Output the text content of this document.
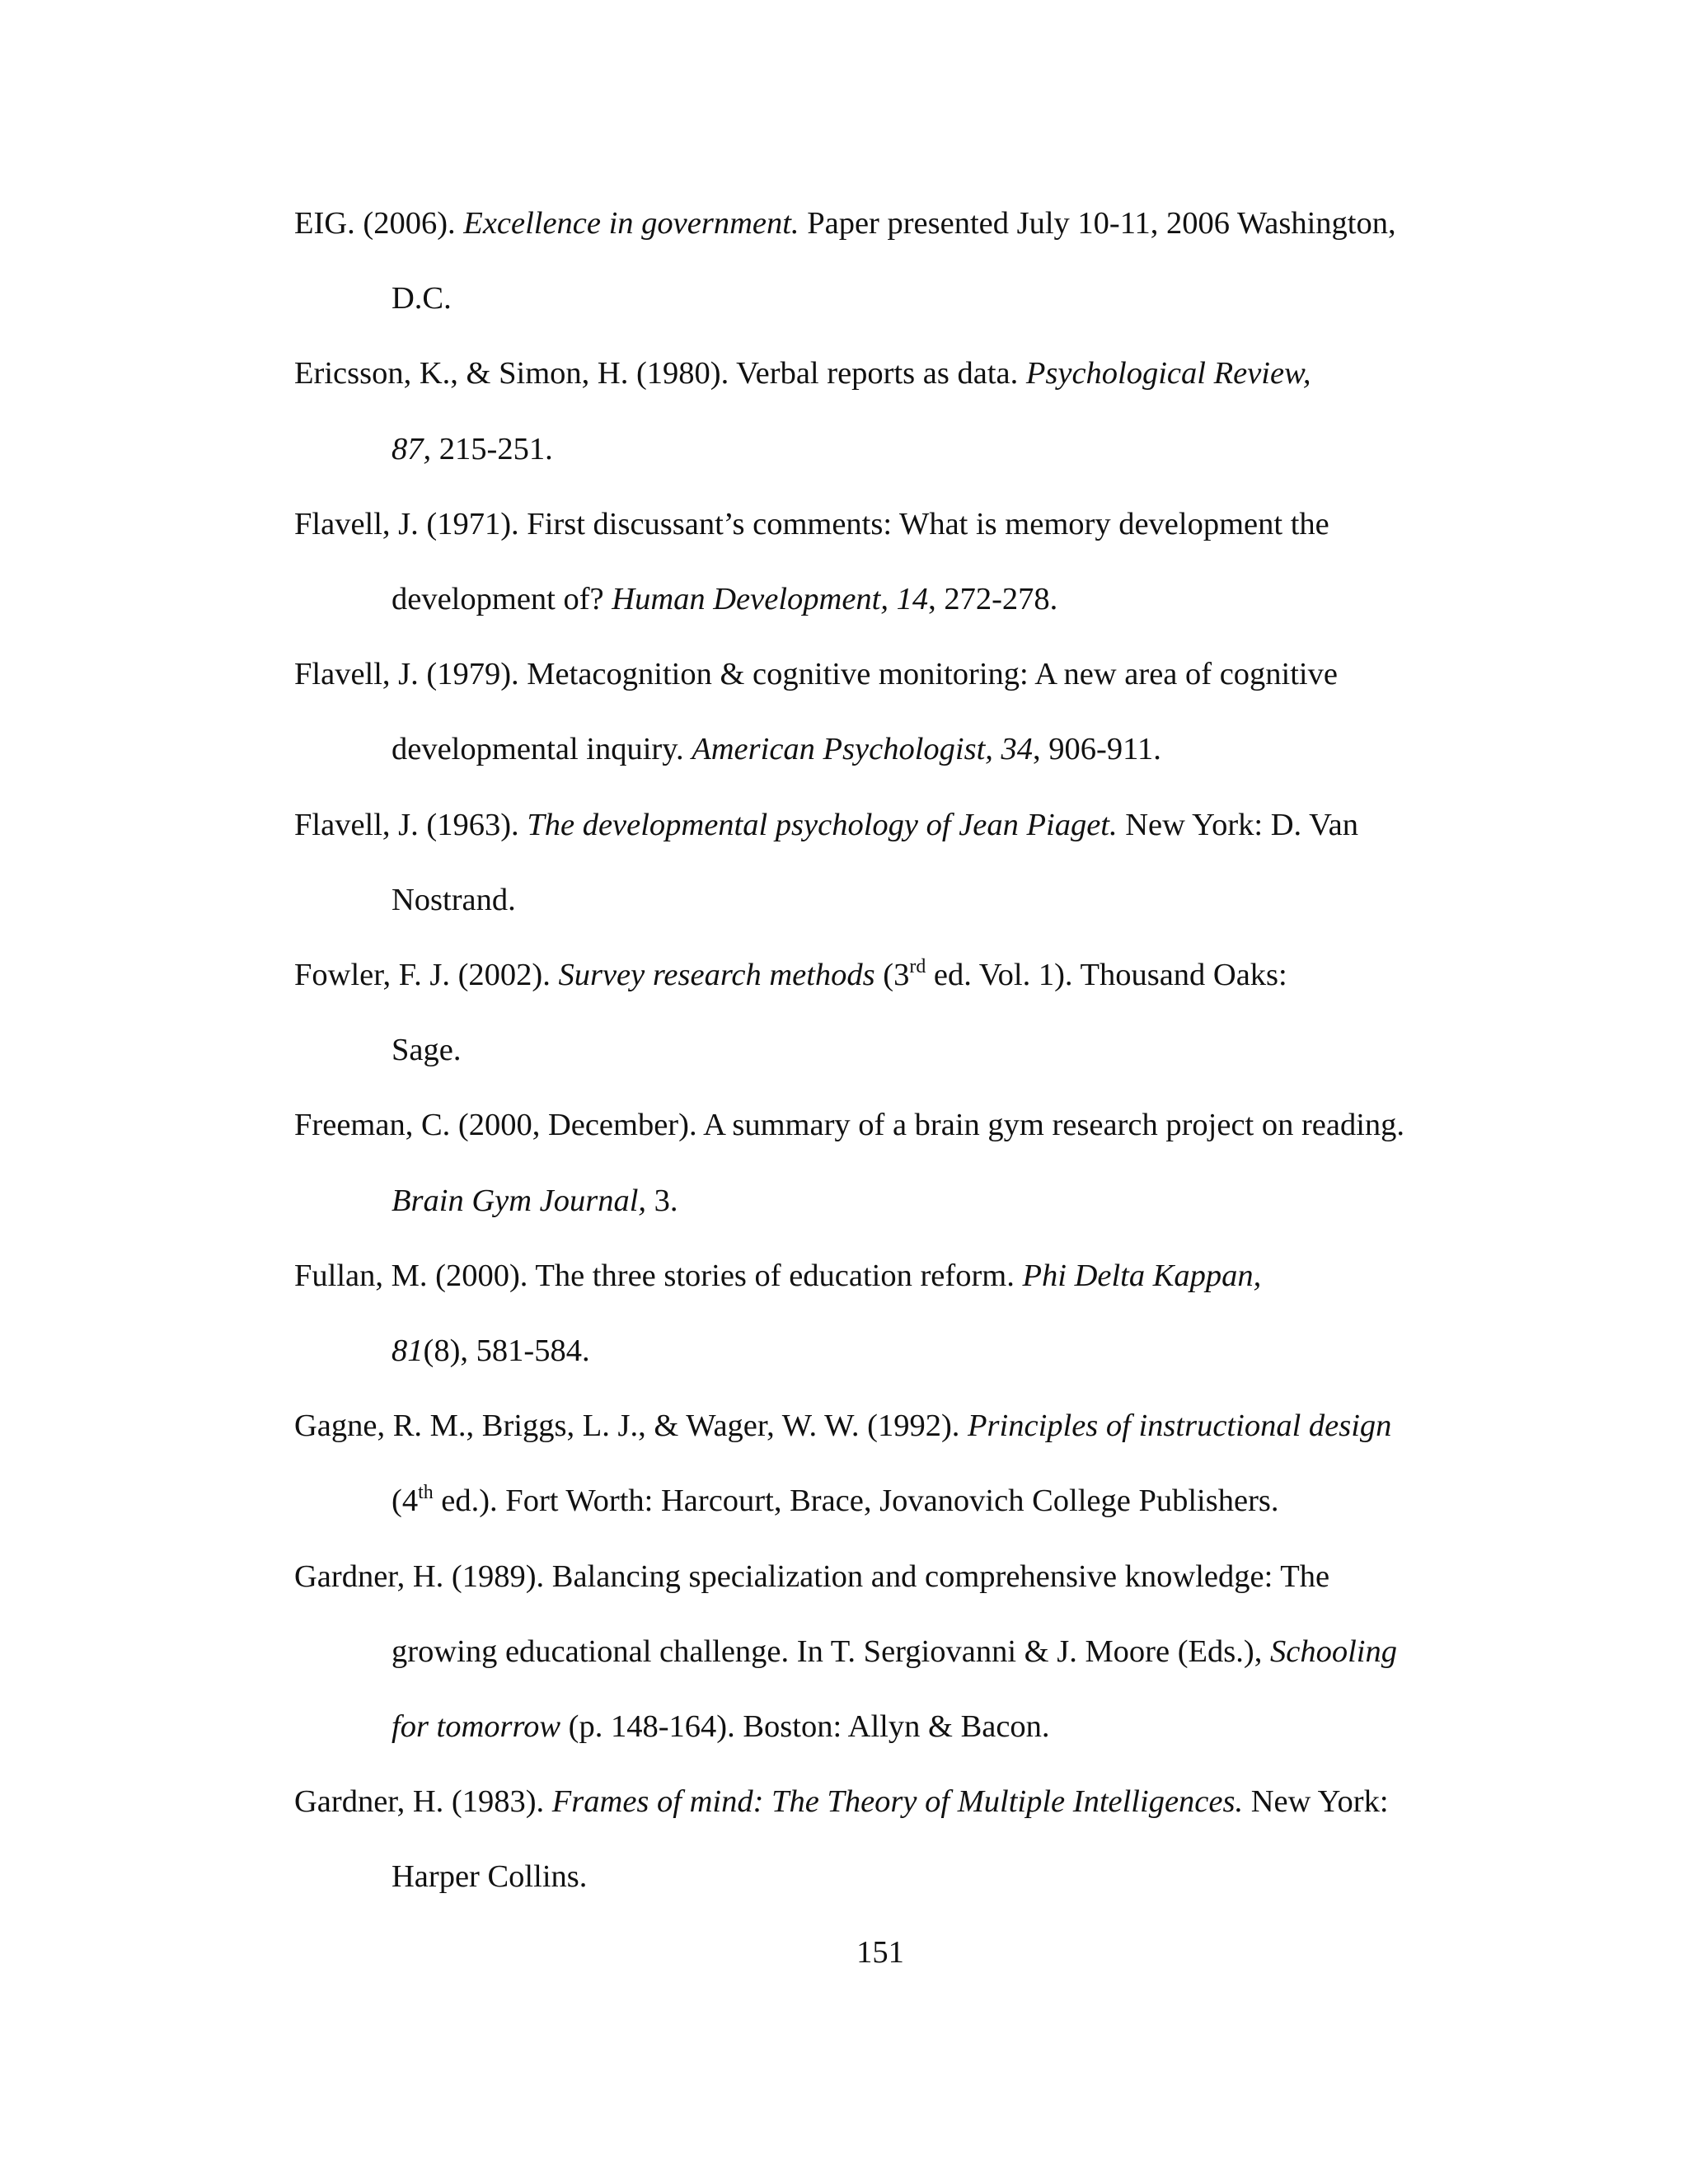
EIG. (2006). Excellence in government. Paper presented July 10-11, 2006 Washington,
D.C.

Ericsson, K., & Simon, H. (1980). Verbal reports as data. Psychological Review,
87, 215-251.

Flavell, J. (1971). First discussant’s comments: What is memory development the
development of? Human Development, 14, 272-278.

Flavell, J. (1979). Metacognition & cognitive monitoring: A new area of cognitive
developmental inquiry. American Psychologist, 34, 906-911.

Flavell, J. (1963). The developmental psychology of Jean Piaget. New York: D. Van
Nostrand.

Fowler, F. J. (2002). Survey research methods (3rd ed. Vol. 1). Thousand Oaks:
Sage.

Freeman, C. (2000, December). A summary of a brain gym research project on reading.
Brain Gym Journal, 3.

Fullan, M. (2000). The three stories of education reform. Phi Delta Kappan,
81(8), 581-584.

Gagne, R. M., Briggs, L. J., & Wager, W. W. (1992). Principles of instructional design
(4th ed.). Fort Worth: Harcourt, Brace, Jovanovich College Publishers.

Gardner, H. (1989). Balancing specialization and comprehensive knowledge: The
growing educational challenge. In T. Sergiovanni & J. Moore (Eds.), Schooling
for tomorrow (p. 148-164). Boston: Allyn & Bacon.

Gardner, H. (1983). Frames of mind: The Theory of Multiple Intelligences. New York:
Harper Collins.

151
